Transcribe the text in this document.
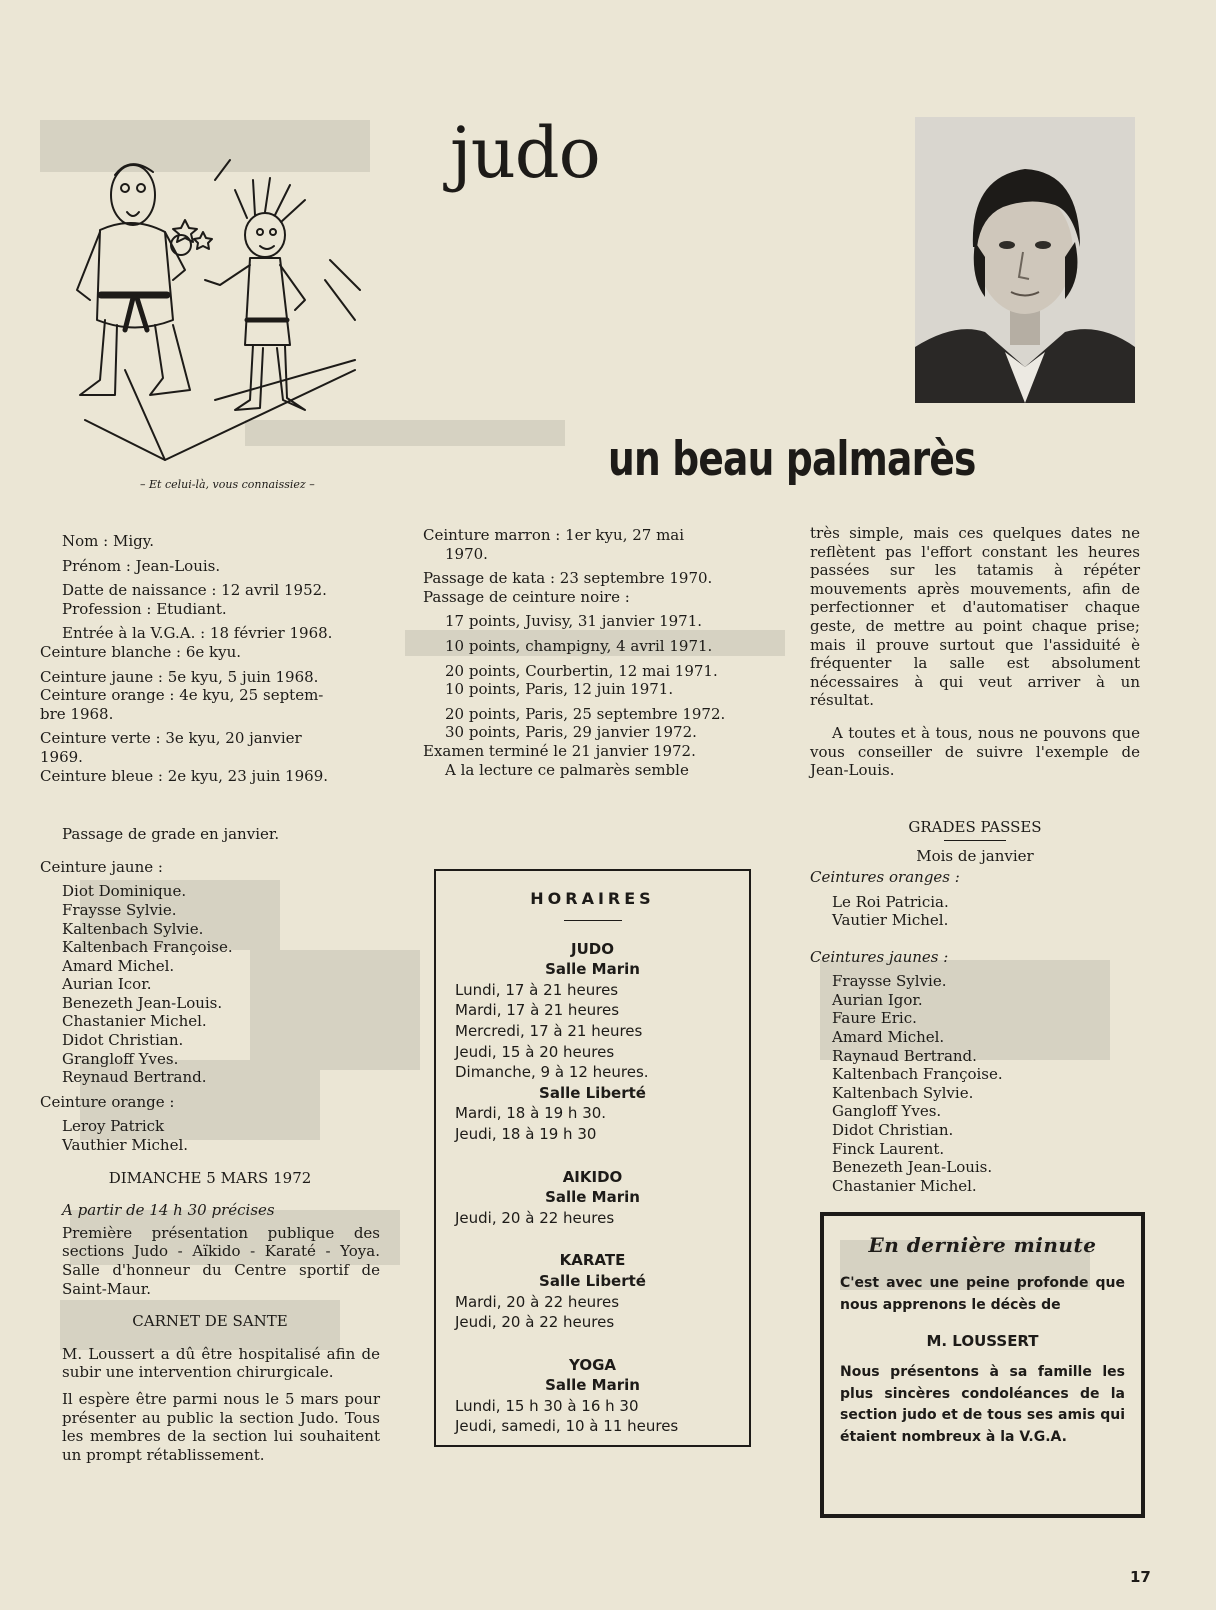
judo
– Et celui-là, vous connaissiez –	un beau palmarès
Nom : Migy.
Prénom : Jean-Louis.
Datte de naissance : 12 avril 1952.
Profession : Etudiant.
Entrée à la V.G.A. : 18 février 1968.
Ceinture blanche : 6e kyu.
Ceinture jaune : 5e kyu, 5 juin 1968.
Ceinture orange : 4e kyu, 25 septem-
bre 1968.
Ceinture verte : 3e kyu, 20 janvier
1969.
Ceinture bleue : 2e kyu, 23 juin 1969.
Passage de grade en janvier.
Ceinture jaune :
Diot Dominique.
Fraysse Sylvie.
Kaltenbach Sylvie.
Kaltenbach Françoise.
Amard Michel.
Aurian Icor.
Benezeth Jean-Louis.
Chastanier Michel.
Didot Christian.
Grangloff Yves.
Reynaud Bertrand.
Ceinture orange :
Leroy Patrick
Vauthier Michel.
DIMANCHE 5 MARS 1972
A partir de 14 h 30 précises
Première présentation publique des sections Judo - Aïkido - Karaté - Yoya. Salle d'honneur du Centre sportif de Saint-Maur.
CARNET DE SANTE
M. Loussert a dû être hospitalisé afin de subir une intervention chirurgicale.
Il espère être parmi nous le 5 mars pour présenter au public la section Judo. Tous les membres de la section lui souhaitent un prompt rétablissement.
Ceinture marron : 1er kyu, 27 mai
1970.
Passage de kata : 23 septembre 1970.
Passage de ceinture noire :
17 points, Juvisy, 31 janvier 1971.
10 points, champigny, 4 avril 1971.
20 points, Courbertin, 12 mai 1971.
10 points, Paris, 12 juin 1971.
20 points, Paris, 25 septembre 1972.
30 points, Paris, 29 janvier 1972.
Examen terminé le 21 janvier 1972.
A la lecture ce palmarès semble
HORAIRES
JUDO
Salle Marin
Lundi, 17 à 21 heures
Mardi, 17 à 21 heures
Mercredi, 17 à 21 heures
Jeudi, 15 à 20 heures
Dimanche, 9 à 12 heures.
Salle Liberté
Mardi, 18 à 19 h 30.
Jeudi, 18 à 19 h 30
AIKIDO
Salle Marin
Jeudi, 20 à 22 heures
KARATE
Salle Liberté
Mardi, 20 à 22 heures
Jeudi, 20 à 22 heures
YOGA
Salle Marin
Lundi, 15 h 30 à 16 h 30
Jeudi, samedi, 10 à 11 heures
très simple, mais ces quelques dates ne reflètent pas l'effort constant les heures passées sur les tatamis à répéter mouvements après mouvements, afin de perfectionner et d'automatiser chaque geste, de mettre au point chaque prise; mais il prouve surtout que l'assiduité è fréquenter la salle est absolument nécessaires à qui veut arriver à un résultat.
A toutes et à tous, nous ne pouvons que vous conseiller de suivre l'exemple de Jean-Louis.
GRADES PASSES
Mois de janvier
Ceintures oranges :
Le Roi Patricia.
Vautier Michel.
Ceintures jaunes :
Fraysse Sylvie.
Aurian Igor.
Faure Eric.
Amard Michel.
Raynaud Bertrand.
Kaltenbach Françoise.
Kaltenbach Sylvie.
Gangloff Yves.
Didot Christian.
Finck Laurent.
Benezeth Jean-Louis.
Chastanier Michel.
En dernière minute
C'est avec une peine profonde que nous apprenons le décès de
M. LOUSSERT
Nous présentons à sa famille les plus sincères condoléances de la section judo et de tous ses amis qui étaient nombreux à la V.G.A.
17
